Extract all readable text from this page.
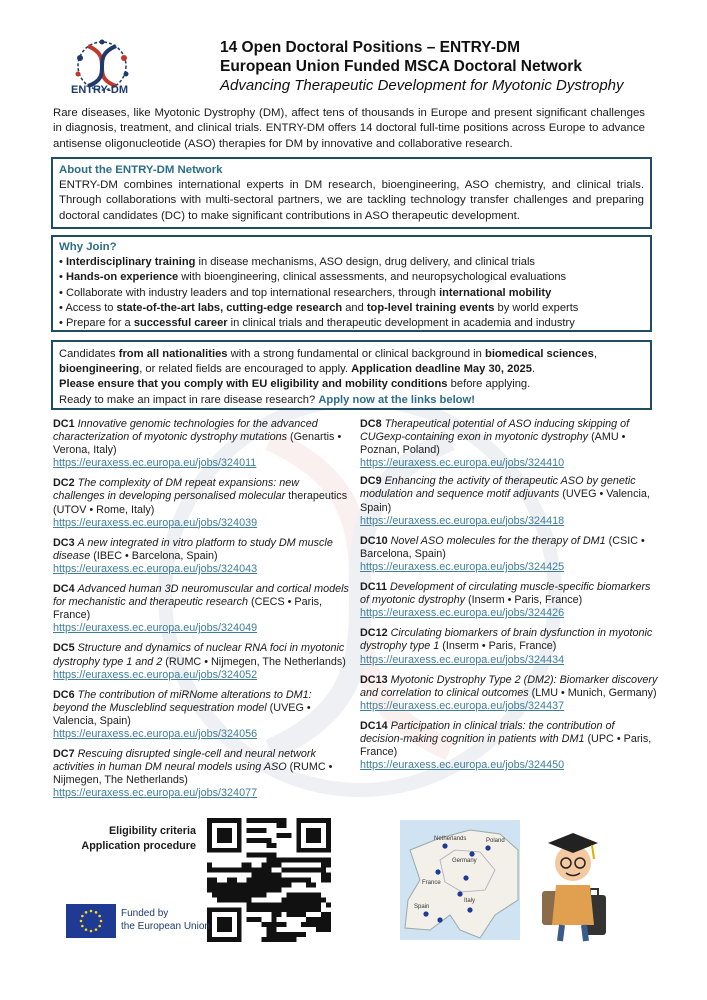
ENTRY-DM
14 Open Doctoral Positions – ENTRY-DM
European Union Funded MSCA Doctoral Network
Advancing Therapeutic Development for Myotonic Dystrophy
Rare diseases, like Myotonic Dystrophy (DM), affect tens of thousands in Europe and present significant challenges in diagnosis, treatment, and clinical trials. ENTRY-DM offers 14 doctoral full-time positions across Europe to advance antisense oligonucleotide (ASO) therapies for DM by innovative and collaborative research.
About the ENTRY-DM Network
ENTRY-DM combines international experts in DM research, bioengineering, ASO chemistry, and clinical trials. Through collaborations with multi-sectoral partners, we are tackling technology transfer challenges and preparing doctoral candidates (DC) to make significant contributions in ASO therapeutic development.
Why Join?
• Interdisciplinary training in disease mechanisms, ASO design, drug delivery, and clinical trials
• Hands-on experience with bioengineering, clinical assessments, and neuropsychological evaluations
• Collaborate with industry leaders and top international researchers, through international mobility
• Access to state-of-the-art labs, cutting-edge research and top-level training events by world experts
• Prepare for a successful career in clinical trials and therapeutic development in academia and industry
Candidates from all nationalities with a strong fundamental or clinical background in biomedical sciences, bioengineering, or related fields are encouraged to apply. Application deadline May 30, 2025.
Please ensure that you comply with EU eligibility and mobility conditions before applying.
Ready to make an impact in rare disease research? Apply now at the links below!
DC1 Innovative genomic technologies for the advanced characterization of myotonic dystrophy mutations (Genartis • Verona, Italy)
https://euraxess.ec.europa.eu/jobs/324011
DC2 The complexity of DM repeat expansions: new challenges in developing personalised molecular therapeutics (UTOV • Rome, Italy)
https://euraxess.ec.europa.eu/jobs/324039
DC3 A new integrated in vitro platform to study DM muscle disease (IBEC • Barcelona, Spain)
https://euraxess.ec.europa.eu/jobs/324043
DC4 Advanced human 3D neuromuscular and cortical models for mechanistic and therapeutic research (CECS • Paris, France)
https://euraxess.ec.europa.eu/jobs/324049
DC5 Structure and dynamics of nuclear RNA foci in myotonic dystrophy type 1 and 2 (RUMC • Nijmegen, The Netherlands)
https://euraxess.ec.europa.eu/jobs/324052
DC6 The contribution of miRNome alterations to DM1: beyond the Muscleblind sequestration model (UVEG • Valencia, Spain)
https://euraxess.ec.europa.eu/jobs/324056
DC7 Rescuing disrupted single-cell and neural network activities in human DM neural models using ASO (RUMC • Nijmegen, The Netherlands)
https://euraxess.ec.europa.eu/jobs/324077
DC8 Therapeutical potential of ASO inducing skipping of CUGexp-containing exon in myotonic dystrophy (AMU • Poznan, Poland)
https://euraxess.ec.europa.eu/jobs/324410
DC9 Enhancing the activity of therapeutic ASO by genetic modulation and sequence motif adjuvants (UVEG • Valencia, Spain)
https://euraxess.ec.europa.eu/jobs/324418
DC10 Novel ASO molecules for the therapy of DM1 (CSIC • Barcelona, Spain)
https://euraxess.ec.europa.eu/jobs/324425
DC11 Development of circulating muscle-specific biomarkers of myotonic dystrophy (Inserm • Paris, France)
https://euraxess.ec.europa.eu/jobs/324426
DC12 Circulating biomarkers of brain dysfunction in myotonic dystrophy type 1 (Inserm • Paris, France)
https://euraxess.ec.europa.eu/jobs/324434
DC13 Myotonic Dystrophy Type 2 (DM2): Biomarker discovery and correlation to clinical outcomes (LMU • Munich, Germany)
https://euraxess.ec.europa.eu/jobs/324437
DC14 Participation in clinical trials: the contribution of decision-making cognition in patients with DM1 (UPC • Paris, France)
https://euraxess.ec.europa.eu/jobs/324450
Eligibility criteria
Application procedure
Funded by
the European Union
Netherlands
Germany
Poland
France
Italy
Spain
